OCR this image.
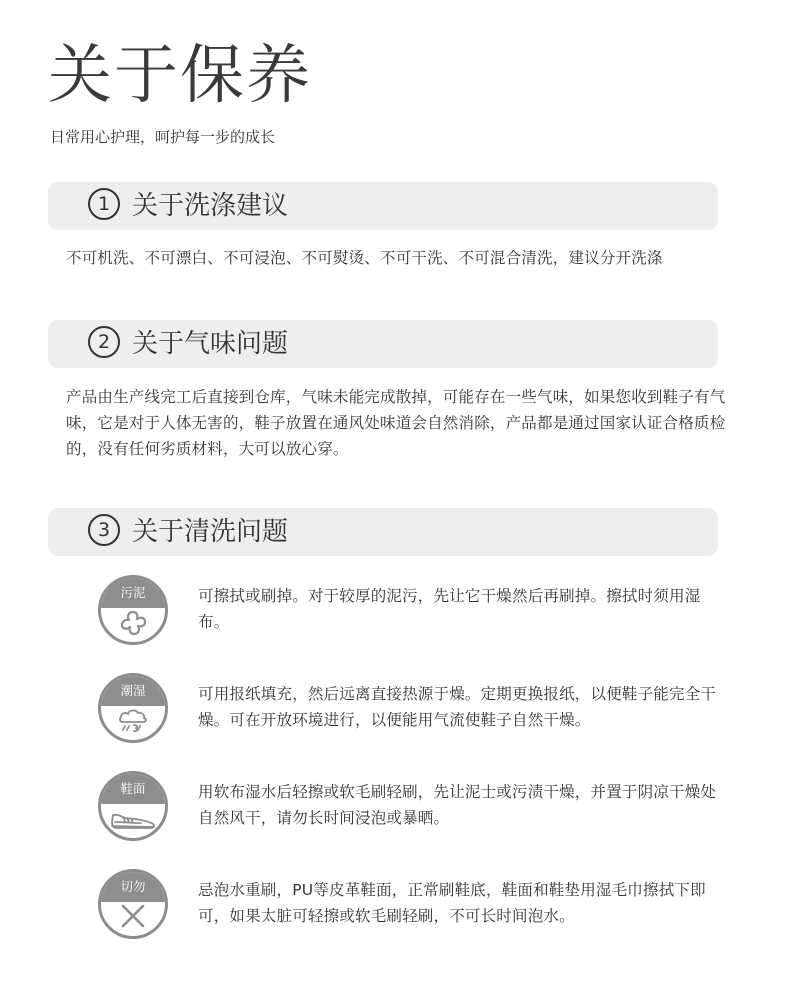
关于保养
日常用心护理，呵护每一步的成长
1 关于洗涤建议
不可机洗、不可漂白、不可浸泡、不可熨烫、不可干洗、不可混合清洗，建议分开洗涤
2 关于气味问题
产品由生产线完工后直接到仓库，气味未能完成散掉，可能存在一些气味，如果您收到鞋子有气味，它是对于人体无害的，鞋子放置在通风处味道会自然消除，产品都是通过国家认证合格质检的，没有任何劣质材料，大可以放心穿。
3 关于清洗问题
污泥	可擦拭或刷掉。对于较厚的泥污，先让它干燥然后再刷掉。擦拭时须用湿布。
潮湿	可用报纸填充，然后远离直接热源于燥。定期更换报纸，以便鞋子能完全干燥。可在开放环境进行，以便能用气流使鞋子自然干燥。
鞋面	用软布湿水后轻擦或软毛刷轻刷，先让泥士或污渍干燥，并置于阴凉干燥处自然风干，请勿长时间浸泡或暴晒。
切勿	忌泡水重刷，PU等皮革鞋面，正常刷鞋底，鞋面和鞋垫用湿毛巾擦拭下即可，如果太脏可轻擦或软毛刷轻刷，不可长时间泡水。
